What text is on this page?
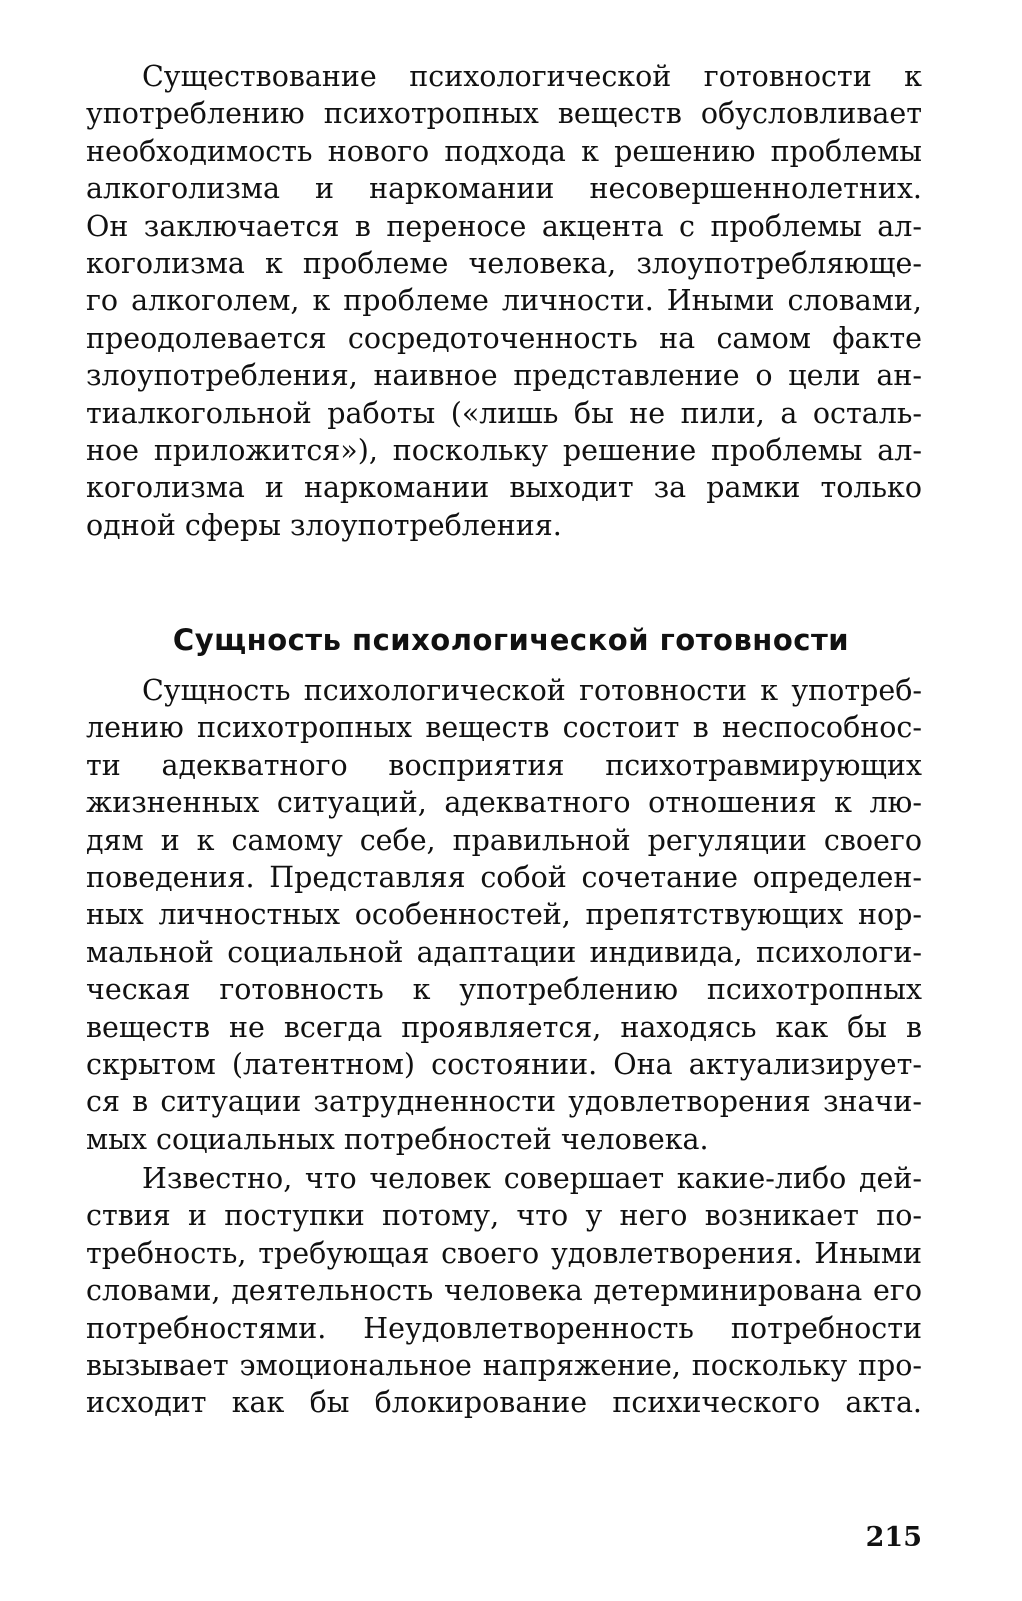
Существование психологической готовности к
употреблению психотропных веществ обусловливает
необходимость нового подхода к решению проблемы
алкоголизма и наркомании несовершеннолетних.
Он заключается в переносе акцента с проблемы ал-
коголизма к проблеме человека, злоупотребляюще-
го алкоголем, к проблеме личности. Иными словами,
преодолевается сосредоточенность на самом факте
злоупотребления, наивное представление о цели ан-
тиалкогольной работы («лишь бы не пили, а осталь-
ное приложится»), поскольку решение проблемы ал-
коголизма и наркомании выходит за рамки только
одной сферы злоупотребления.
Сущность психологической готовности
Сущность психологической готовности к употреб-
лению психотропных веществ состоит в неспособнос-
ти адекватного восприятия психотравмирующих
жизненных ситуаций, адекватного отношения к лю-
дям и к самому себе, правильной регуляции своего
поведения. Представляя собой сочетание определен-
ных личностных особенностей, препятствующих нор-
мальной социальной адаптации индивида, психологи-
ческая готовность к употреблению психотропных
веществ не всегда проявляется, находясь как бы в
скрытом (латентном) состоянии. Она актуализирует-
ся в ситуации затрудненности удовлетворения значи-
мых социальных потребностей человека.
Известно, что человек совершает какие-либо дей-
ствия и поступки потому, что у него возникает по-
требность, требующая своего удовлетворения. Иными
словами, деятельность человека детерминирована его
потребностями. Неудовлетворенность потребности
вызывает эмоциональное напряжение, поскольку про-
исходит как бы блокирование психического акта.
215
